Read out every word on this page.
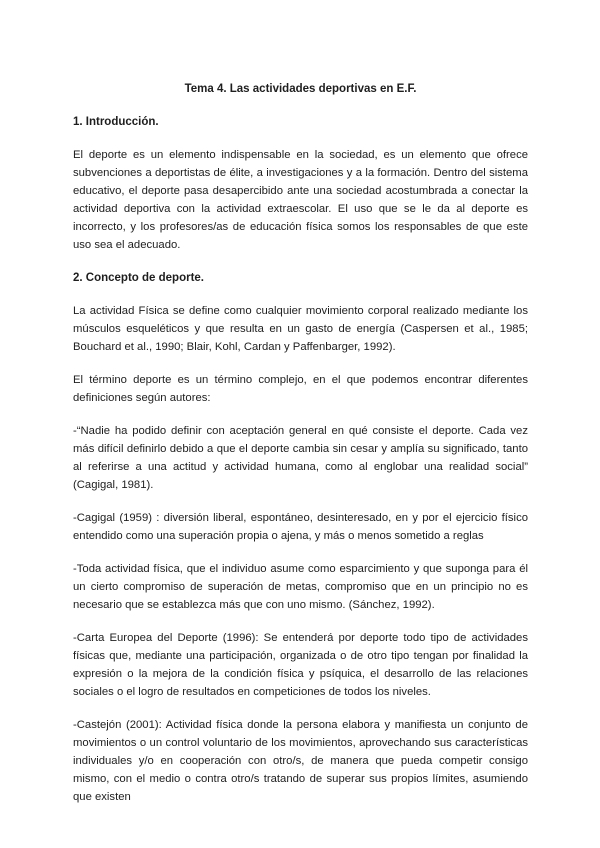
Tema 4. Las actividades deportivas en E.F.
1. Introducción.

El deporte es un elemento indispensable en la sociedad, es un elemento que ofrece subvenciones a deportistas de élite, a investigaciones y a la formación. Dentro del sistema educativo, el deporte pasa desapercibido ante una sociedad acostumbrada a conectar la actividad deportiva con la actividad extraescolar. El uso que se le da al deporte es incorrecto, y los profesores/as de educación física somos los responsables de que este uso sea el adecuado.

2. Concepto de deporte.

La actividad Física se define como cualquier movimiento corporal realizado mediante los músculos esqueléticos y que resulta en un gasto de energía (Caspersen et al., 1985; Bouchard et al., 1990; Blair, Kohl, Cardan y Paffenbarger, 1992).

El término deporte es un término complejo, en el que podemos encontrar diferentes definiciones según autores:

-“Nadie ha podido definir con aceptación general en qué consiste el deporte. Cada vez más difícil definirlo debido a que el deporte cambia sin cesar y amplía su significado, tanto al referirse a una actitud y actividad humana, como al englobar una realidad social” (Cagigal, 1981).

-Cagigal (1959) : diversión liberal, espontáneo, desinteresado, en y por el ejercicio físico entendido como una superación propia o ajena, y más o menos sometido a reglas

-Toda actividad física, que el individuo asume como esparcimiento y que suponga para él un cierto compromiso de superación de metas, compromiso que en un principio no es necesario que se establezca más que con uno mismo. (Sánchez, 1992).

-Carta Europea del Deporte (1996): Se entenderá por deporte todo tipo de actividades físicas que, mediante una participación, organizada o de otro tipo tengan por finalidad la expresión o la mejora de la condición física y psíquica, el desarrollo de las relaciones sociales o el logro de resultados en competiciones de todos los niveles.

-Castejón (2001): Actividad física donde la persona elabora y manifiesta un conjunto de movimientos o un control voluntario de los movimientos, aprovechando sus características individuales y/o en cooperación con otro/s, de manera que pueda competir consigo mismo, con el medio o contra otro/s tratando de superar sus propios límites, asumiendo que existen
